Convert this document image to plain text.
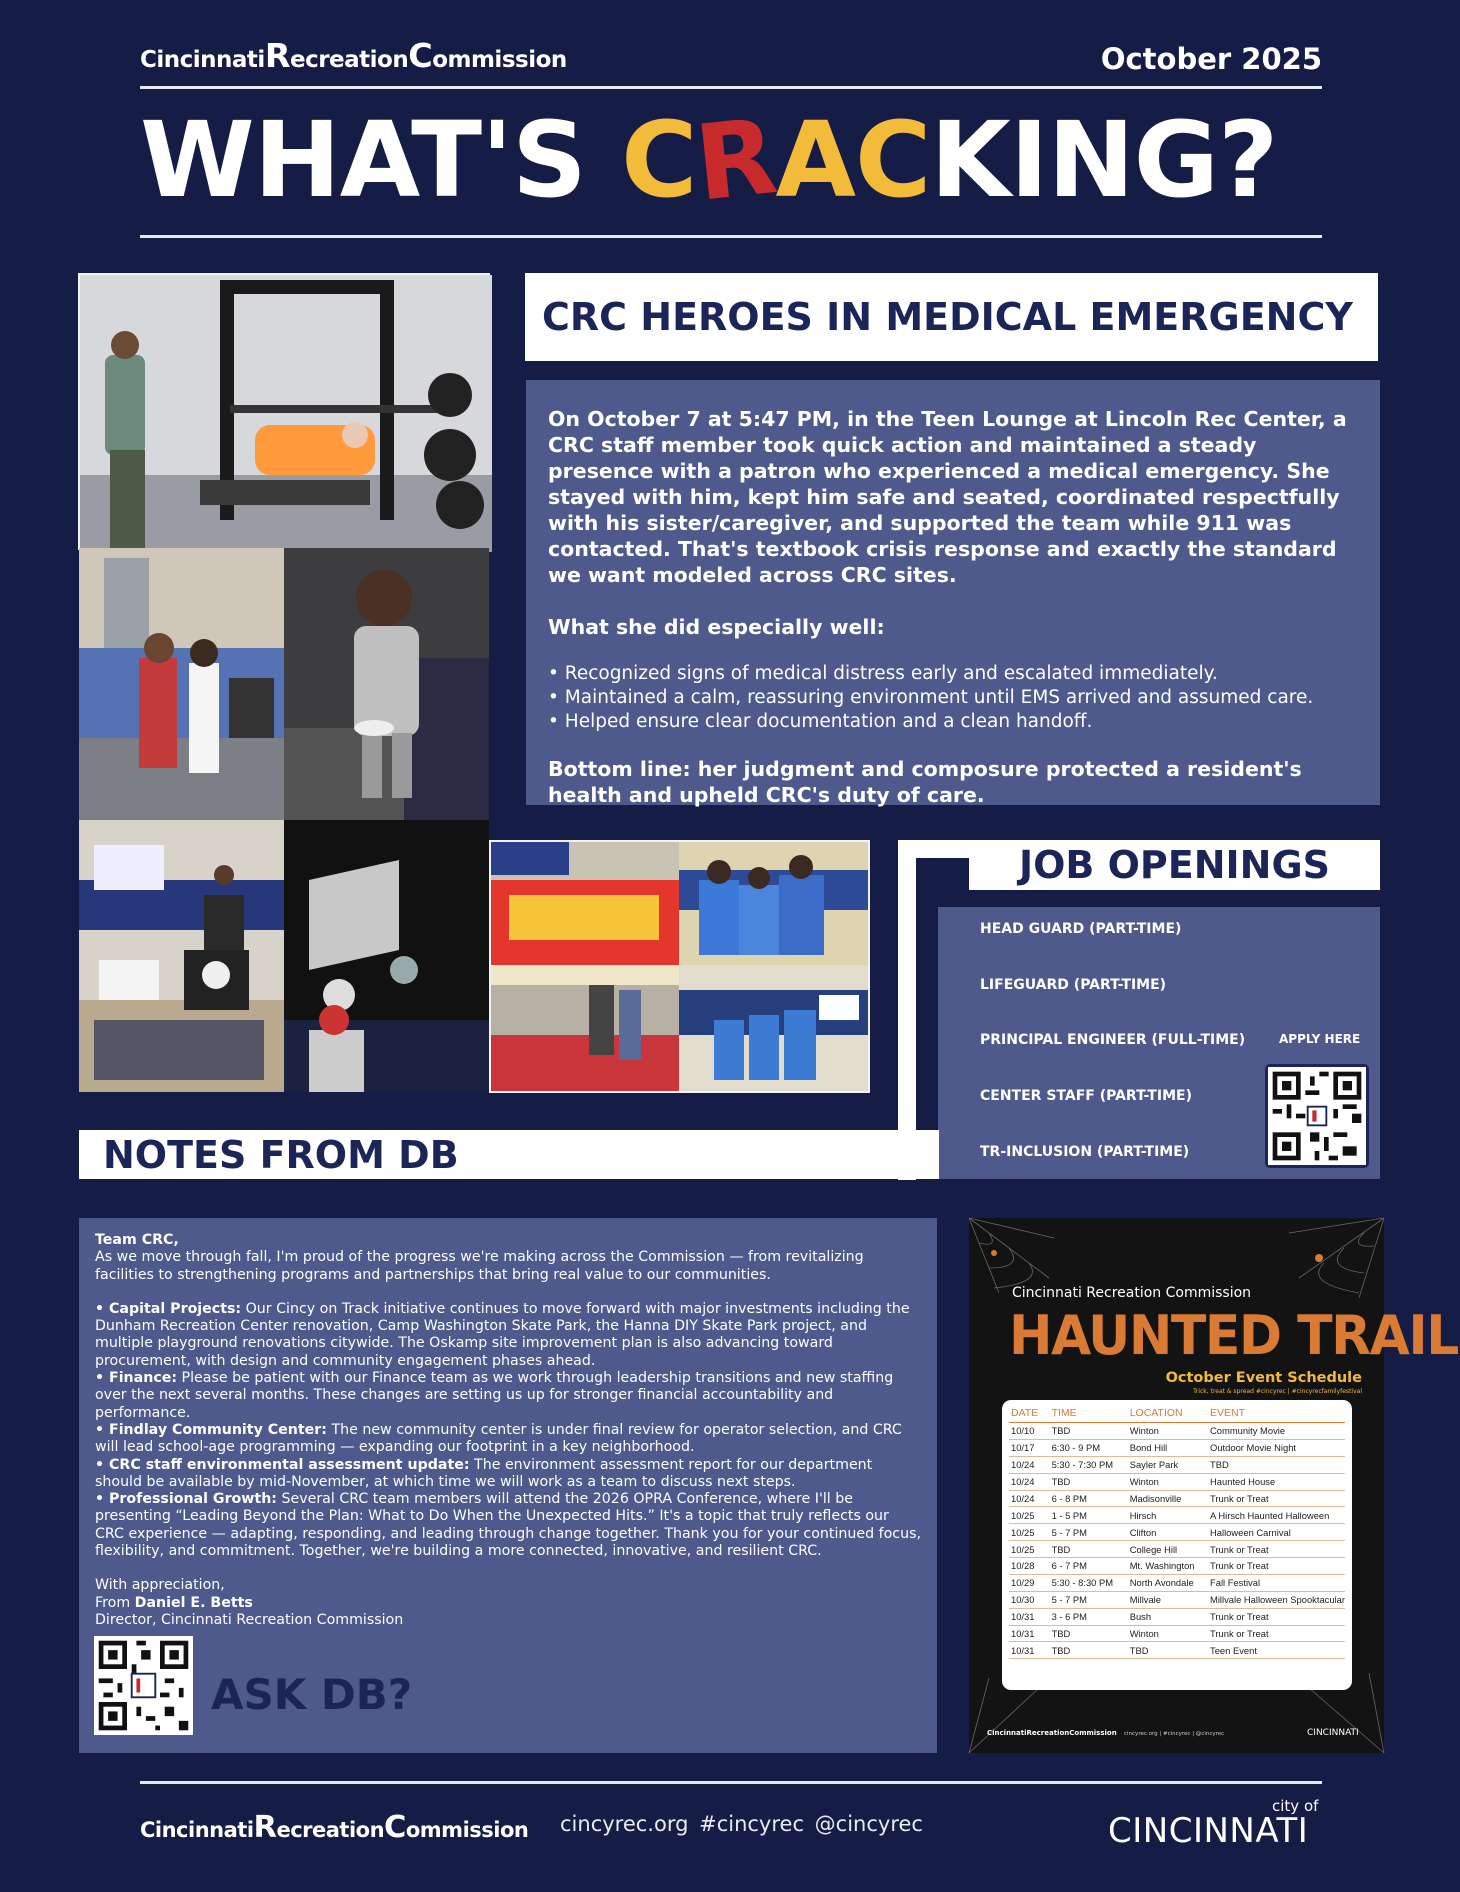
CincinnatiRecreationCommission	October 2025
WHAT'S CRACKING?
CRC HEROES IN MEDICAL EMERGENCY

On October 7 at 5:47 PM, in the Teen Lounge at Lincoln Rec Center, a CRC staff member took quick action and maintained a steady presence with a patron who experienced a medical emergency. She stayed with him, kept him safe and seated, coordinated respectfully with his sister/caregiver, and supported the team while 911 was contacted. That's textbook crisis response and exactly the standard we want modeled across CRC sites.

What she did especially well:

• Recognized signs of medical distress early and escalated immediately.
• Maintained a calm, reassuring environment until EMS arrived and assumed care.
• Helped ensure clear documentation and a clean handoff.

Bottom line: her judgment and composure protected a resident's health and upheld CRC's duty of care.

JOB OPENINGS
HEAD GUARD (PART-TIME)
LIFEGUARD (PART-TIME)
PRINCIPAL ENGINEER (FULL-TIME)
CENTER STAFF (PART-TIME)
TR-INCLUSION (PART-TIME)
APPLY HERE
NOTES FROM DB
Team CRC,

As we move through fall, I'm proud of the progress we're making across the Commission — from revitalizing facilities to strengthening programs and partnerships that bring real value to our communities.

• Capital Projects: Our Cincy on Track initiative continues to move forward with major investments including the Dunham Recreation Center renovation, Camp Washington Skate Park, the Hanna DIY Skate Park project, and multiple playground renovations citywide. The Oskamp site improvement plan is also advancing toward procurement, with design and community engagement phases ahead.
• Finance: Please be patient with our Finance team as we work through leadership transitions and new staffing over the next several months. These changes are setting us up for stronger financial accountability and performance.
• Findlay Community Center: The new community center is under final review for operator selection, and CRC will lead school-age programming — expanding our footprint in a key neighborhood.
• CRC staff environmental assessment update: The environment assessment report for our department should be available by mid-November, at which time we will work as a team to discuss next steps.

• Professional Growth: Several CRC team members will attend the 2026 OPRA Conference, where I'll be presenting “Leading Beyond the Plan: What to Do When the Unexpected Hits.” It's a topic that truly reflects our CRC experience — adapting, responding, and leading through change together. Thank you for your continued focus, flexibility, and commitment. Together, we're building a more connected, innovative, and resilient CRC.

With appreciation,
From Daniel E. Betts
Director, Cincinnati Recreation Commission
ASK DB?
Cincinnati Recreation Commission
HAUNTED TRAIL
October Event Schedule
Trick, treat & spread #cincyrec | #cincyrecfamilyfestival
DATE	TIME	LOCATION	EVENT
10/10	TBD	Winton	Community Movie
10/17	6:30 - 9 PM	Bond Hill	Outdoor Movie Night
10/24	5:30 - 7:30 PM	Sayler Park	TBD
10/24	TBD	Winton	Haunted House
10/24	6 - 8 PM	Madisonville	Trunk or Treat
10/25	1 - 5 PM	Hirsch	A Hirsch Haunted Halloween
10/25	5 - 7 PM	Clifton	Halloween Carnival
10/25	TBD	College Hill	Trunk or Treat
10/28	6 - 7 PM	Mt. Washington	Trunk or Treat
10/29	5:30 - 8:30 PM	North Avondale	Fall Festival
10/30	5 - 7 PM	Millvale	Millvale Halloween Spooktacular
10/31	3 - 6 PM	Bush	Trunk or Treat
10/31	TBD	Winton	Trunk or Treat
10/31	TBD	TBD	Teen Event
CincinnatiRecreationCommission cincyrec.org | #cincyrec | @cincyrec	CINCINNATI
CincinnatiRecreationCommission cincyrec.org #cincyrec @cincyrec
city of
CINCINNATI
